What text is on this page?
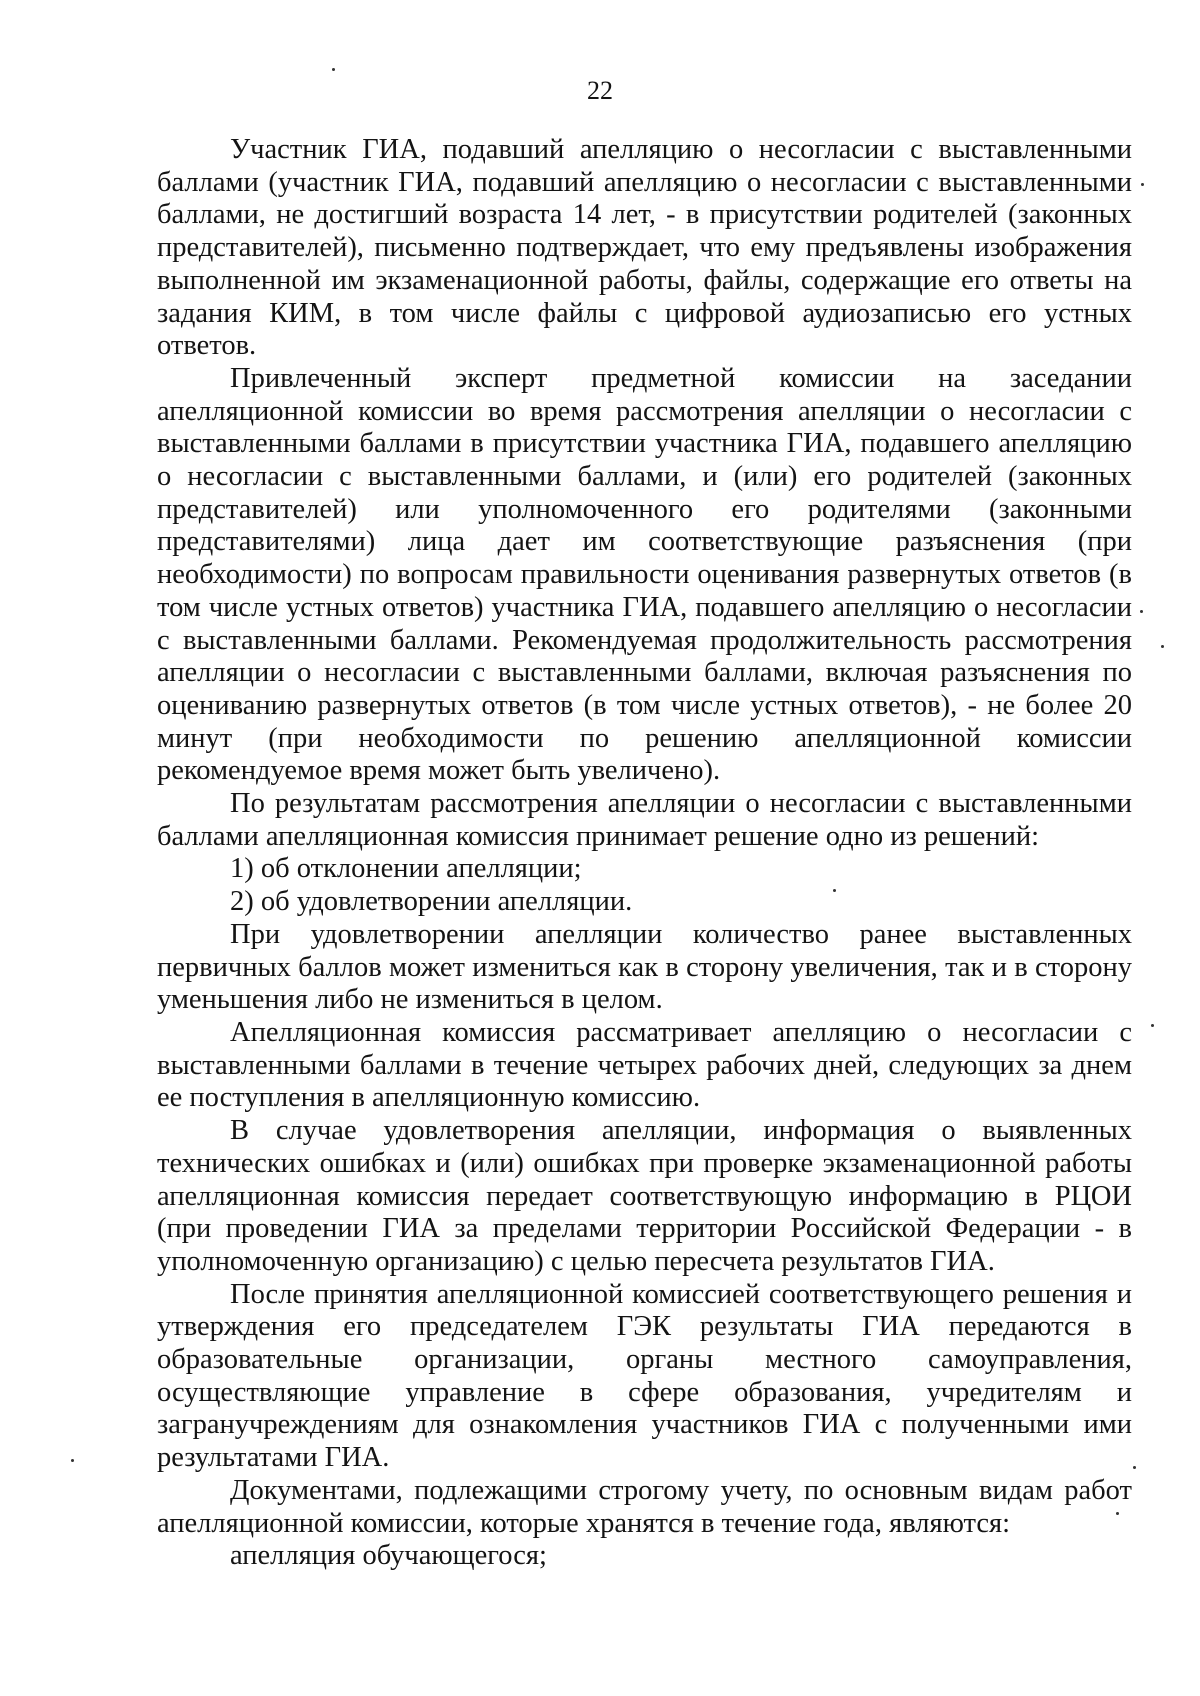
22

Участник ГИА, подавший апелляцию о несогласии с выставленными баллами (участник ГИА, подавший апелляцию о несогласии с выставленными баллами, не достигший возраста 14 лет, - в присутствии родителей (законных представителей), письменно подтверждает, что ему предъявлены изображения выполненной им экзаменационной работы, файлы, содержащие его ответы на задания КИМ, в том числе файлы с цифровой аудиозаписью его устных ответов.

Привлеченный эксперт предметной комиссии на заседании апелляционной комиссии во время рассмотрения апелляции о несогласии с выставленными баллами в присутствии участника ГИА, подавшего апелляцию о несогласии с выставленными баллами, и (или) его родителей (законных представителей) или уполномоченного его родителями (законными представителями) лица дает им соответствующие разъяснения (при необходимости) по вопросам правильности оценивания развернутых ответов (в том числе устных ответов) участника ГИА, подавшего апелляцию о несогласии с выставленными баллами. Рекомендуемая продолжительность рассмотрения апелляции о несогласии с выставленными баллами, включая разъяснения по оцениванию развернутых ответов (в том числе устных ответов), - не более 20 минут (при необходимости по решению апелляционной комиссии рекомендуемое время может быть увеличено).

По результатам рассмотрения апелляции о несогласии с выставленными баллами апелляционная комиссия принимает решение одно из решений:

1) об отклонении апелляции;

2) об удовлетворении апелляции.

При удовлетворении апелляции количество ранее выставленных первичных баллов может измениться как в сторону увеличения, так и в сторону уменьшения либо не измениться в целом.

Апелляционная комиссия рассматривает апелляцию о несогласии с выставленными баллами в течение четырех рабочих дней, следующих за днем ее поступления в апелляционную комиссию.

В случае удовлетворения апелляции, информация о выявленных технических ошибках и (или) ошибках при проверке экзаменационной работы апелляционная комиссия передает соответствующую информацию в РЦОИ (при проведении ГИА за пределами территории Российской Федерации - в уполномоченную организацию) с целью пересчета результатов ГИА.

После принятия апелляционной комиссией соответствующего решения и утверждения его председателем ГЭК результаты ГИА передаются в образовательные организации, органы местного самоуправления, осуществляющие управление в сфере образования, учредителям и загранучреждениям для ознакомления участников ГИА с полученными ими результатами ГИА.

Документами, подлежащими строгому учету, по основным видам работ апелляционной комиссии, которые хранятся в течение года, являются:

апелляция обучающегося;
